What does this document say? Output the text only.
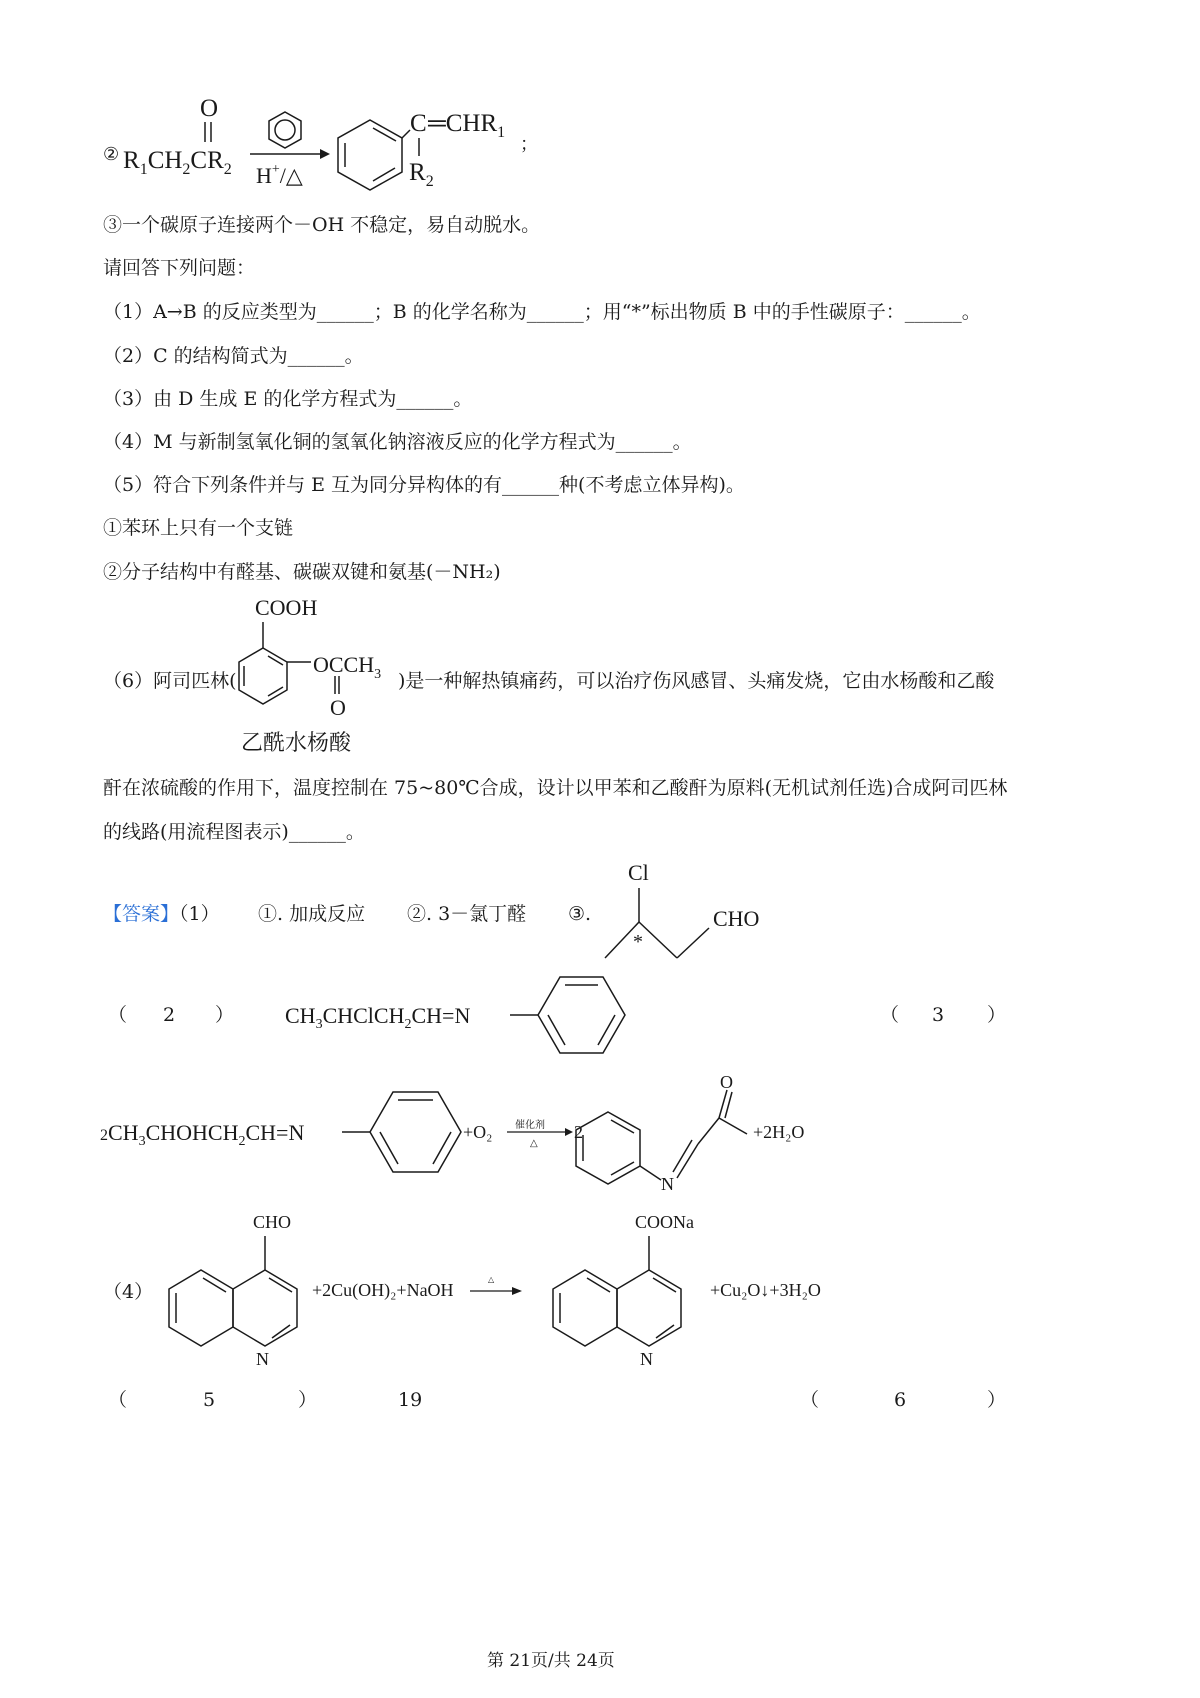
② $R_1CH_2CR_2$
O
H+/△
C $═CHR_1$
$R_2$
；
③一个碳原子连接两个－OH 不稳定，易自动脱水。
请回答下列问题：
（1）A→B 的反应类型为______；B 的化学名称为______；用“*”标出物质 B 中的手性碳原子：______。
（2）C 的结构简式为______。
（3）由 D 生成 E 的化学方程式为______。
（4）M 与新制氢氧化铜的氢氧化钠溶液反应的化学方程式为______。
（5）符合下列条件并与 E 互为同分异构体的有______种(不考虑立体异构)。
①苯环上只有一个支链
②分子结构中有醛基、碳碳双键和氨基(－NH₂)
（6）阿司匹林(
COOH
$OCCH_3$
O
乙酰水杨酸
)是一种解热镇痛药，可以治疗伤风感冒、头痛发烧，它由水杨酸和乙酸
酐在浓硫酸的作用下，温度控制在 75~80℃合成，设计以甲苯和乙酸酐为原料(无机试剂任选)合成阿司匹林
的线路(用流程图表示)______。
【答案】（1） ①. 加成反应 ②. 3－氯丁醛 ③.
Cl
*
CHO
（ 2 ） $CH_3CHClCH_2CH=N$	（ 3 ）
$2CH_3CHOHCH_2CH=N$	+O₂ 催化剂
△
2
N
O
+2H₂O
（4）
CHO
N
+2Cu(OH)₂+NaOH
△
COONa
N
+Cu₂O↓+3H₂O
（	5	）	19	（	6	）
第 21页/共 24页
